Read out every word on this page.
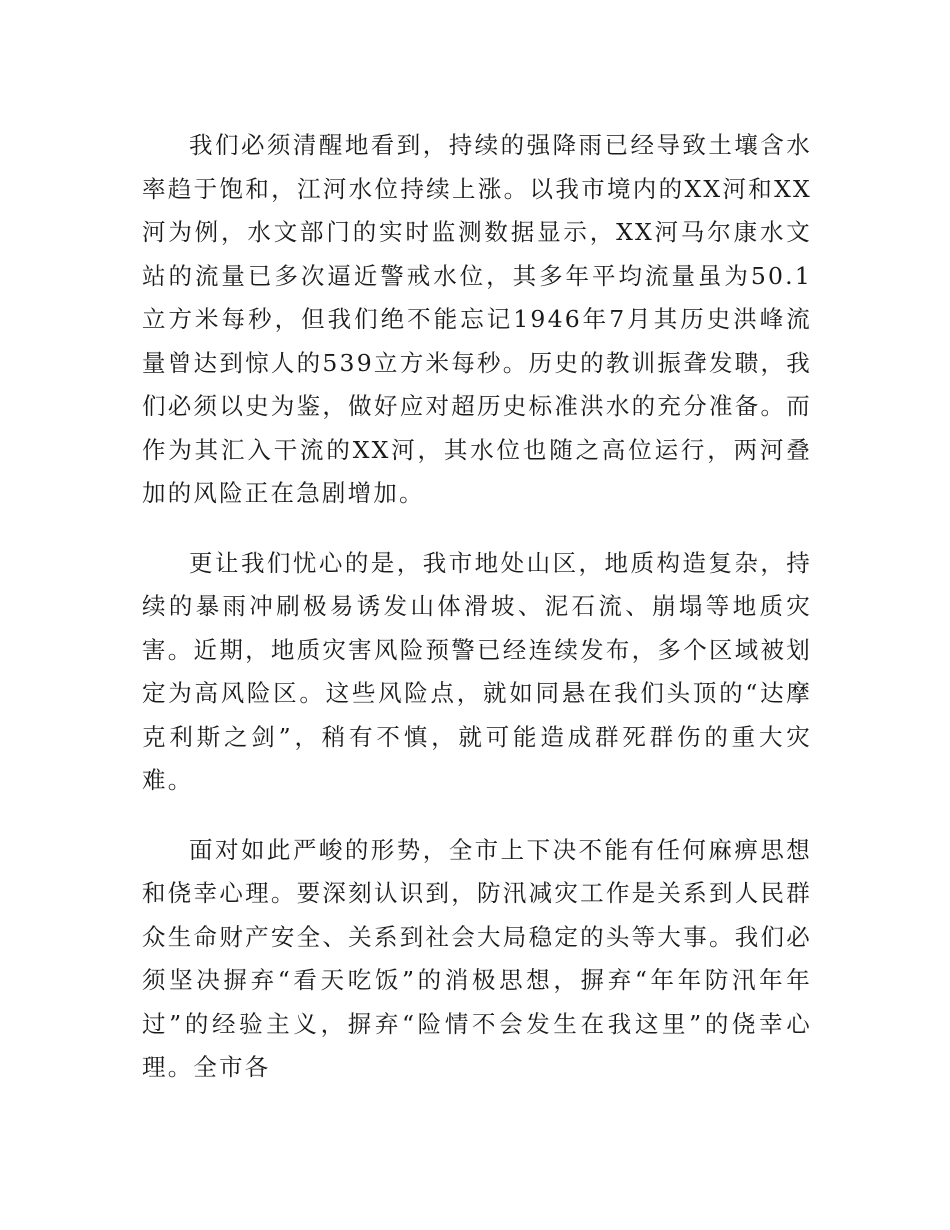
我们必须清醒地看到，持续的强降雨已经导致土壤含水率趋于饱和，江河水位持续上涨。以我市境内的XX河和XX河为例，水文部门的实时监测数据显示，XX河马尔康水文站的流量已多次逼近警戒水位，其多年平均流量虽为50.1立方米每秒，但我们绝不能忘记1946年7月其历史洪峰流量曾达到惊人的539立方米每秒。历史的教训振聋发聩，我们必须以史为鉴，做好应对超历史标准洪水的充分准备。而作为其汇入干流的XX河，其水位也随之高位运行，两河叠加的风险正在急剧增加。

更让我们忧心的是，我市地处山区，地质构造复杂，持续的暴雨冲刷极易诱发山体滑坡、泥石流、崩塌等地质灾害。近期，地质灾害风险预警已经连续发布，多个区域被划定为高风险区。这些风险点，就如同悬在我们头顶的“达摩克利斯之剑”，稍有不慎，就可能造成群死群伤的重大灾难。

面对如此严峻的形势，全市上下决不能有任何麻痹思想和侥幸心理。要深刻认识到，防汛减灾工作是关系到人民群众生命财产安全、关系到社会大局稳定的头等大事。我们必须坚决摒弃“看天吃饭”的消极思想，摒弃“年年防汛年年过”的经验主义，摒弃“险情不会发生在我这里”的侥幸心理。全市各
